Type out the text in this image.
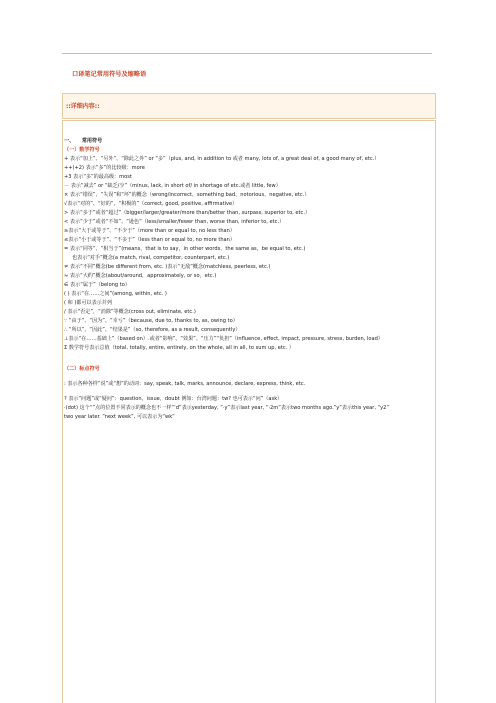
口译笔记常用符号及缩略语
::详细内容::

一、　　常用符号

（一）数学符号

+ 表示“加上”、“另外”、“除此之外” or “多”（plus, and, in addition to 或者 many, lots of, a great deal of, a good many of, etc.）

++(+2) 表示“多”的比较级：more

+3 表示“多”的最高级：most

－ 表示“减去” or “缺乏/少”（minus, lack, in short of/ in shortage of etc.或者 little, few）

× 表示“错误”、“失误”和“坏”的概念（wrong/incorrect、something bad、notorious、negative, etc.）

√表示“对的”、“好的”、“积极的”（correct, good, positive, affirmative）

> 表示“多于”或者“超过”（bigger/larger/greater/more than/better than, surpass, superior to, etc.）

< 表示“少于”或者“不如”、“逊色”（less/smaller/fewer than, worse than, inferior to, etc.）

≥表示“大于或等于”、“不少于”（more than or equal to, no less than）

≤表示“小于或等于”、“不多于”（less than or equal to, no more than）

= 表示“同等”、“相当于”(means，that is to say，in other words，the same as，be equal to, etc.)

也表示“对手”概念(a match, rival, competitor, counterpart, etc.)

≠ 表示“不同”概念(be different from, etc. )表示“无敌”概念(matchless, peerless, etc.)

≈ 表示“大约”概念(about/around，approximately, or so，etc.)

∈ 表示“属于”（belong to）

( ) 表示“在……之间”(among, within, etc. )

( 和 )都可以表示并列

/ 表示“否定”，“消除”等概念(cross out, eliminate, etc.)

∵ “由于”、“因为”、“幸亏”（because, due to, thanks to, as, owing to）

∴ “所以”、“因此”、“结果是”（so, therefore, as a result, consequently）

⊥表示“在……基础上”（based on）.或者“影响”、“效果”、“压力”“负担”（influence, effect, impact, pressure, stress, burden, load）

Σ 数学符号表示总值（total, totally, entire, entirely, on the whole, all in all, to sum up, etc. ）

（二）标点符号

: 表示各种各样“说”或“想”的动词：say, speak, talk, marks, announce, declare, express, think, etc.

? 表示“问题”或“疑问”：question，issue，doubt 例如：台湾问题：tw? 也可表示“问”（ask）

·(dot) 这个“”点的位置不同表示的概念也不一样“‘d”表示yesterday, “·y”表示last year, “·2m”表示two months ago.“y”表示this year, “y2” two year later. “next week”, 可以表示为“wk”
